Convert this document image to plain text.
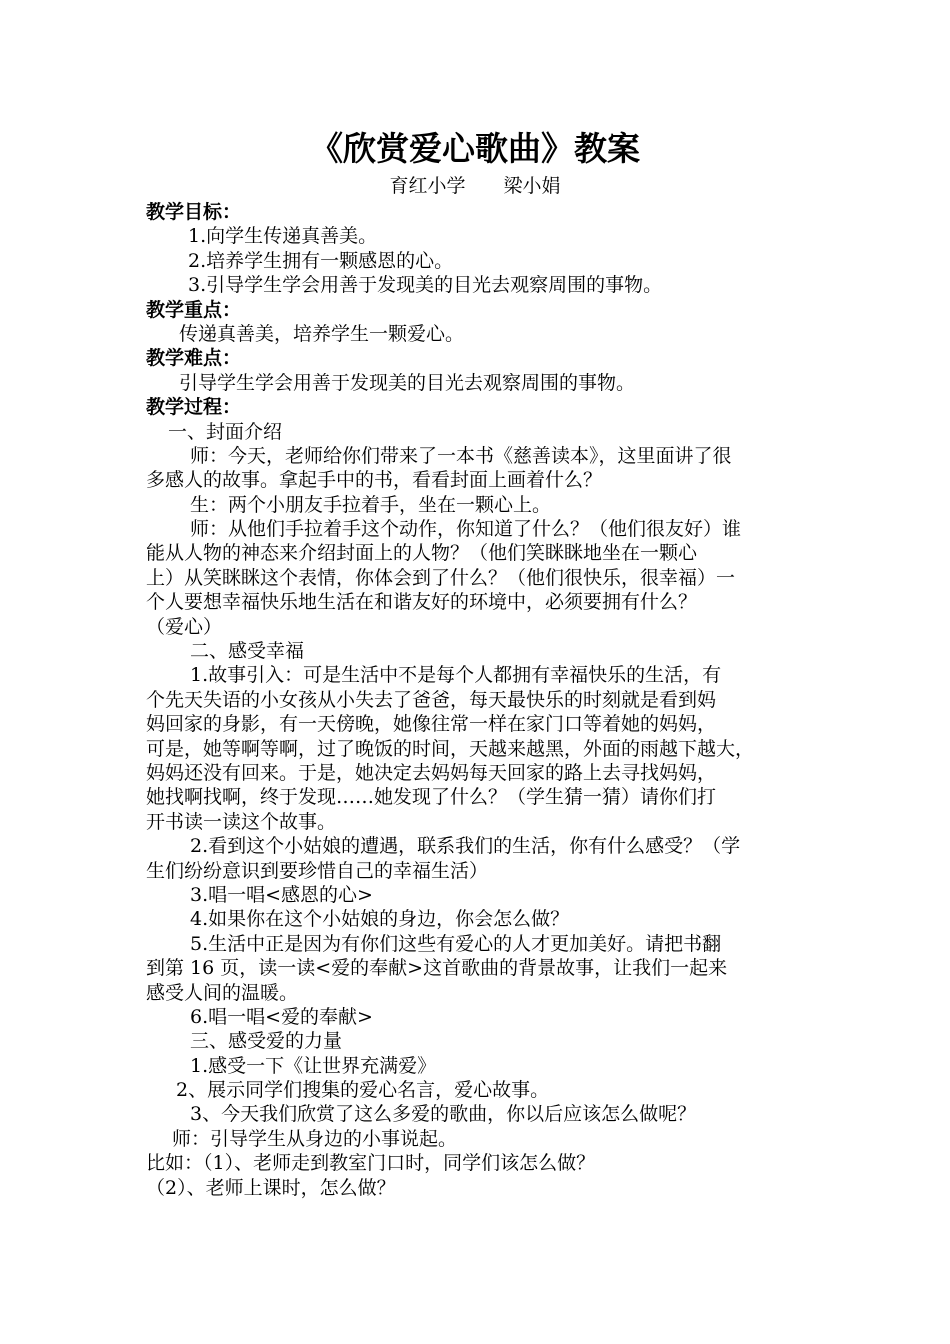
《欣赏爱心歌曲》教案
育红小学　　梁小娟
教学目标：
1.向学生传递真善美。
2.培养学生拥有一颗感恩的心。
3.引导学生学会用善于发现美的目光去观察周围的事物。
教学重点：
传递真善美，培养学生一颗爱心。
教学难点：
引导学生学会用善于发现美的目光去观察周围的事物。
教学过程：
一、封面介绍
师：今天，老师给你们带来了一本书《慈善读本》，这里面讲了很
多感人的故事。拿起手中的书，看看封面上画着什么？
生：两个小朋友手拉着手，坐在一颗心上。
师：从他们手拉着手这个动作，你知道了什么？（他们很友好）谁
能从人物的神态来介绍封面上的人物？（他们笑眯眯地坐在一颗心
上）从笑眯眯这个表情，你体会到了什么？（他们很快乐，很幸福）一
个人要想幸福快乐地生活在和谐友好的环境中，必须要拥有什么？
（爱心）
二、感受幸福
1.故事引入：可是生活中不是每个人都拥有幸福快乐的生活，有
个先天失语的小女孩从小失去了爸爸，每天最快乐的时刻就是看到妈
妈回家的身影，有一天傍晚，她像往常一样在家门口等着她的妈妈，
可是，她等啊等啊，过了晚饭的时间，天越来越黑，外面的雨越下越大，
妈妈还没有回来。于是，她决定去妈妈每天回家的路上去寻找妈妈，
她找啊找啊，终于发现……她发现了什么？（学生猜一猜）请你们打
开书读一读这个故事。
2.看到这个小姑娘的遭遇，联系我们的生活，你有什么感受？（学
生们纷纷意识到要珍惜自己的幸福生活）
3.唱一唱<感恩的心>
4.如果你在这个小姑娘的身边，你会怎么做？
5.生活中正是因为有你们这些有爱心的人才更加美好。请把书翻
到第 16 页，读一读<爱的奉献>这首歌曲的背景故事，让我们一起来
感受人间的温暖。
6.唱一唱<爱的奉献>
三、感受爱的力量
1.感受一下《让世界充满爱》
2、展示同学们搜集的爱心名言，爱心故事。
3、今天我们欣赏了这么多爱的歌曲，你以后应该怎么做呢？
师：引导学生从身边的小事说起。
比如：（1）、老师走到教室门口时，同学们该怎么做？
（2）、老师上课时，怎么做？
